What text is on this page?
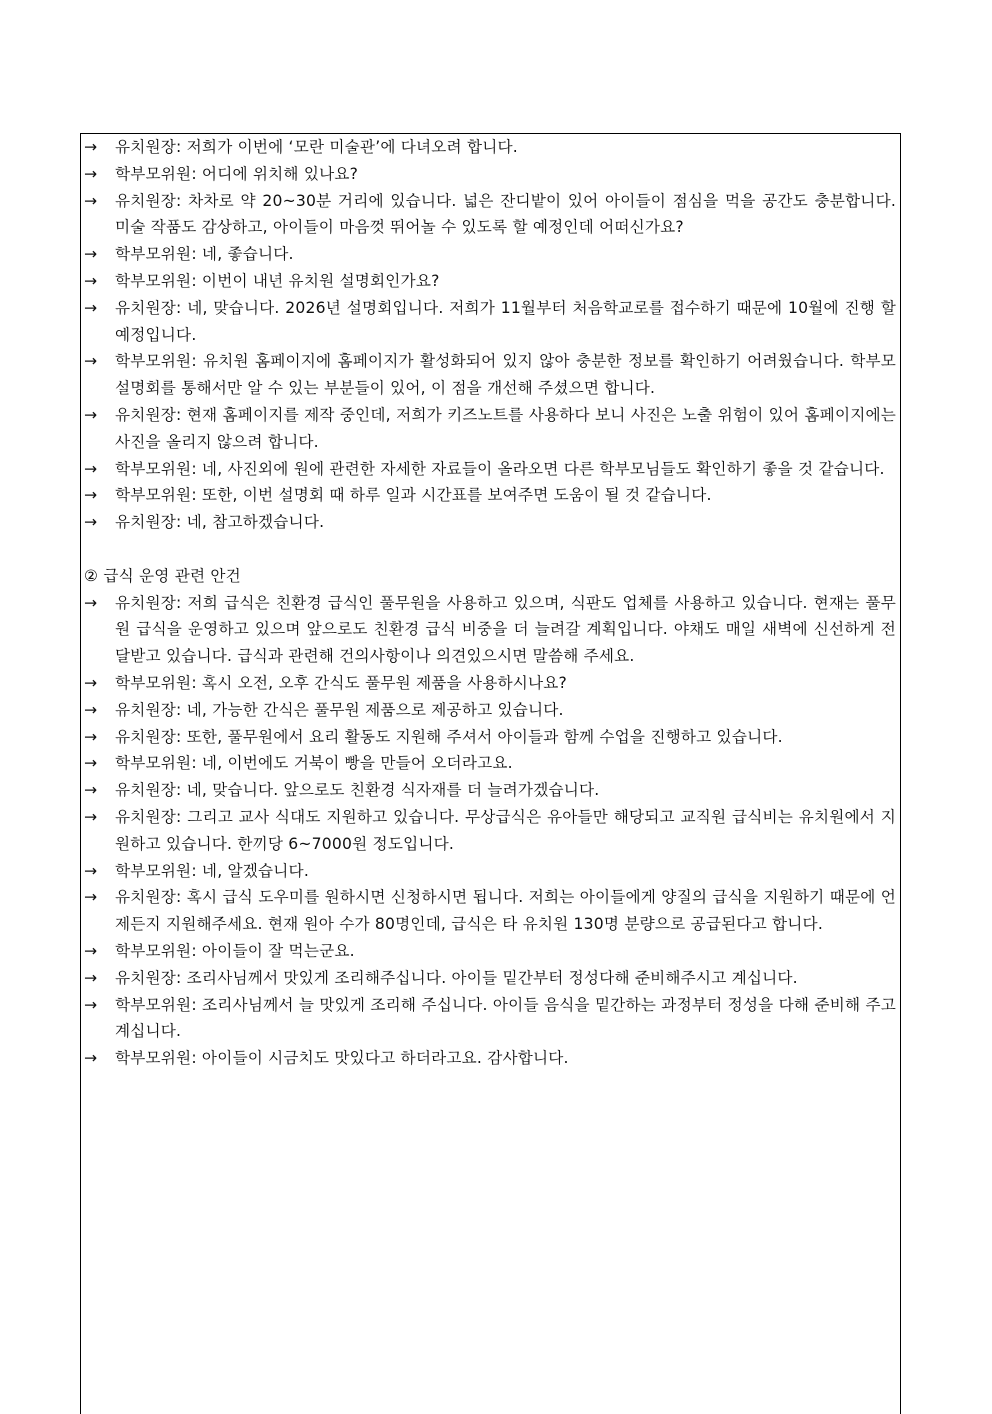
→ 유치원장: 저희가 이번에 ‘모란 미술관’에 다녀오려 합니다.
→ 학부모위원: 어디에 위치해 있나요?
→ 유치원장: 차차로 약 20~30분 거리에 있습니다. 넓은 잔디밭이 있어 아이들이 점심을 먹을 공간도 충분합니다. 미술 작품도 감상하고, 아이들이 마음껏 뛰어놀 수 있도록 할 예정인데 어떠신가요?
→ 학부모위원: 네, 좋습니다.
→ 학부모위원: 이번이 내년 유치원 설명회인가요?
→ 유치원장: 네, 맞습니다. 2026년 설명회입니다. 저희가 11월부터 처음학교로를 접수하기 때문에 10월에 진행 할 예정입니다.
→ 학부모위원: 유치원 홈페이지에 홈페이지가 활성화되어 있지 않아 충분한 정보를 확인하기 어려웠습니다. 학부모 설명회를 통해서만 알 수 있는 부분들이 있어, 이 점을 개선해 주셨으면 합니다.
→ 유치원장: 현재 홈페이지를 제작 중인데, 저희가 키즈노트를 사용하다 보니 사진은 노출 위험이 있어 홈페이지에는 사진을 올리지 않으려 합니다.
→ 학부모위원: 네, 사진외에 원에 관련한 자세한 자료들이 올라오면 다른 학부모님들도 확인하기 좋을 것 같습니다.
→ 학부모위원: 또한, 이번 설명회 때 하루 일과 시간표를 보여주면 도움이 될 것 같습니다.
→ 유치원장: 네, 참고하겠습니다.
② 급식 운영 관련 안건
→ 유치원장: 저희 급식은 친환경 급식인 풀무원을 사용하고 있으며, 식판도 업체를 사용하고 있습니다. 현재는 풀무원 급식을 운영하고 있으며 앞으로도 친환경 급식 비중을 더 늘려갈 계획입니다. 야채도 매일 새벽에 신선하게 전달받고 있습니다. 급식과 관련해 건의사항이나 의견있으시면 말씀해 주세요.
→ 학부모위원: 혹시 오전, 오후 간식도 풀무원 제품을 사용하시나요?
→ 유치원장: 네, 가능한 간식은 풀무원 제품으로 제공하고 있습니다.
→ 유치원장: 또한, 풀무원에서 요리 활동도 지원해 주셔서 아이들과 함께 수업을 진행하고 있습니다.
→ 학부모위원: 네, 이번에도 거북이 빵을 만들어 오더라고요.
→ 유치원장: 네, 맞습니다. 앞으로도 친환경 식자재를 더 늘려가겠습니다.
→ 유치원장: 그리고 교사 식대도 지원하고 있습니다. 무상급식은 유아들만 해당되고 교직원 급식비는 유치원에서 지원하고 있습니다. 한끼당 6~7000원 정도입니다.
→ 학부모위원: 네, 알겠습니다.
→ 유치원장: 혹시 급식 도우미를 원하시면 신청하시면 됩니다. 저희는 아이들에게 양질의 급식을 지원하기 때문에 언제든지 지원해주세요. 현재 원아 수가 80명인데, 급식은 타 유치원 130명 분량으로 공급된다고 합니다.
→ 학부모위원: 아이들이 잘 먹는군요.
→ 유치원장: 조리사님께서 맛있게 조리해주십니다. 아이들 밑간부터 정성다해 준비해주시고 계십니다.
→ 학부모위원: 조리사님께서 늘 맛있게 조리해 주십니다. 아이들 음식을 밑간하는 과정부터 정성을 다해 준비해 주고 계십니다.
→ 학부모위원: 아이들이 시금치도 맛있다고 하더라고요. 감사합니다.
